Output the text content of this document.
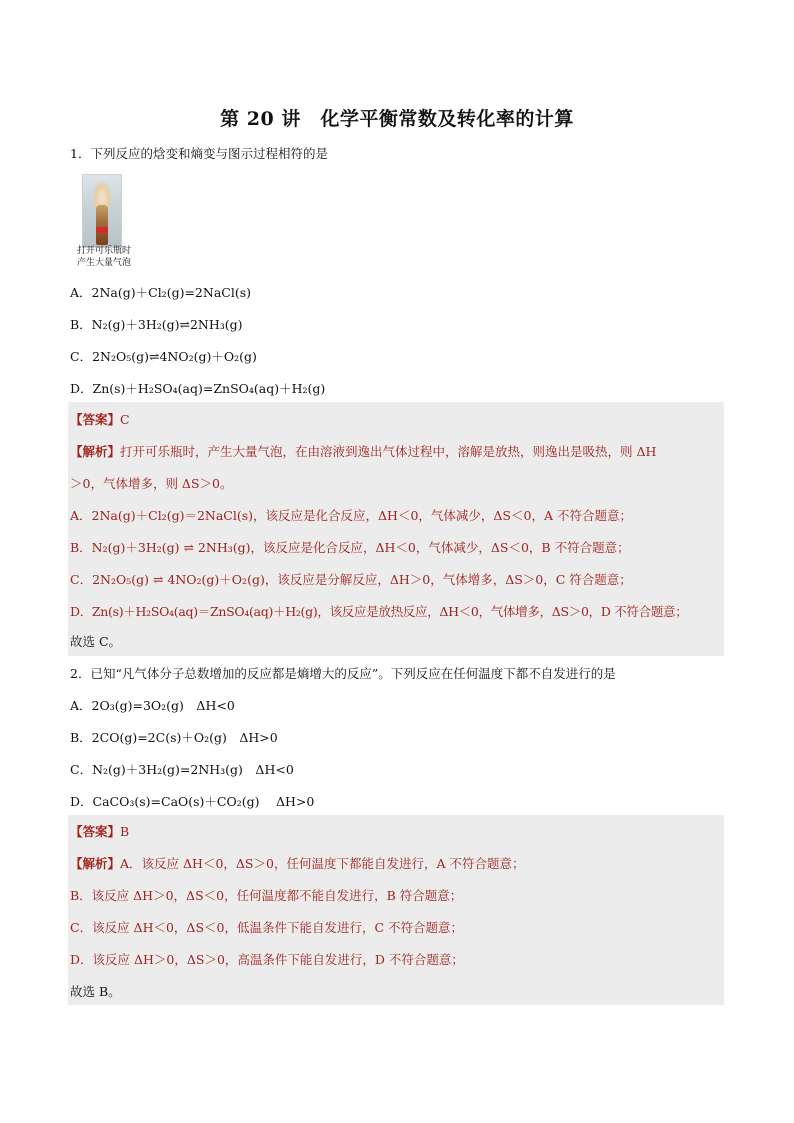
第 20 讲　化学平衡常数及转化率的计算
1．下列反应的焓变和熵变与图示过程相符的是
打开可乐瓶时
产生大量气泡
A．2Na(g)＋Cl₂(g)=2NaCl(s)
B．N₂(g)＋3H₂(g)⇌2NH₃(g)
C．2N₂O₅(g)⇌4NO₂(g)＋O₂(g)
D．Zn(s)＋H₂SO₄(aq)=ZnSO₄(aq)＋H₂(g)
【答案】C
【解析】打开可乐瓶时，产生大量气泡，在由溶液到逸出气体过程中，溶解是放热，则逸出是吸热，则 ΔH
＞0，气体增多，则 ΔS＞0。
A．2Na(g)＋Cl₂(g)＝2NaCl(s)，该反应是化合反应，ΔH＜0，气体减少，ΔS＜0，A 不符合题意；
B．N₂(g)＋3H₂(g) ⇌ 2NH₃(g)，该反应是化合反应，ΔH＜0，气体减少，ΔS＜0，B 不符合题意；
C．2N₂O₅(g) ⇌ 4NO₂(g)＋O₂(g)，该反应是分解反应，ΔH＞0，气体增多，ΔS＞0，C 符合题意；
D．Zn(s)＋H₂SO₄(aq)＝ZnSO₄(aq)＋H₂(g)，该反应是放热反应，ΔH＜0，气体增多，ΔS＞0，D 不符合题意；
故选 C。
2．已知“凡气体分子总数增加的反应都是熵增大的反应”。下列反应在任何温度下都不自发进行的是
A．2O₃(g)=3O₂(g)　ΔH<0
B．2CO(g)=2C(s)＋O₂(g)　ΔH>0
C．N₂(g)＋3H₂(g)=2NH₃(g)　ΔH<0
D．CaCO₃(s)=CaO(s)＋CO₂(g)　 ΔH>0
【答案】B
【解析】A．该反应 ΔH＜0，ΔS＞0，任何温度下都能自发进行，A 不符合题意；
B．该反应 ΔH＞0，ΔS＜0，任何温度都不能自发进行，B 符合题意；
C．该反应 ΔH＜0，ΔS＜0，低温条件下能自发进行，C 不符合题意；
D．该反应 ΔH＞0，ΔS＞0，高温条件下能自发进行，D 不符合题意；
故选 B。
